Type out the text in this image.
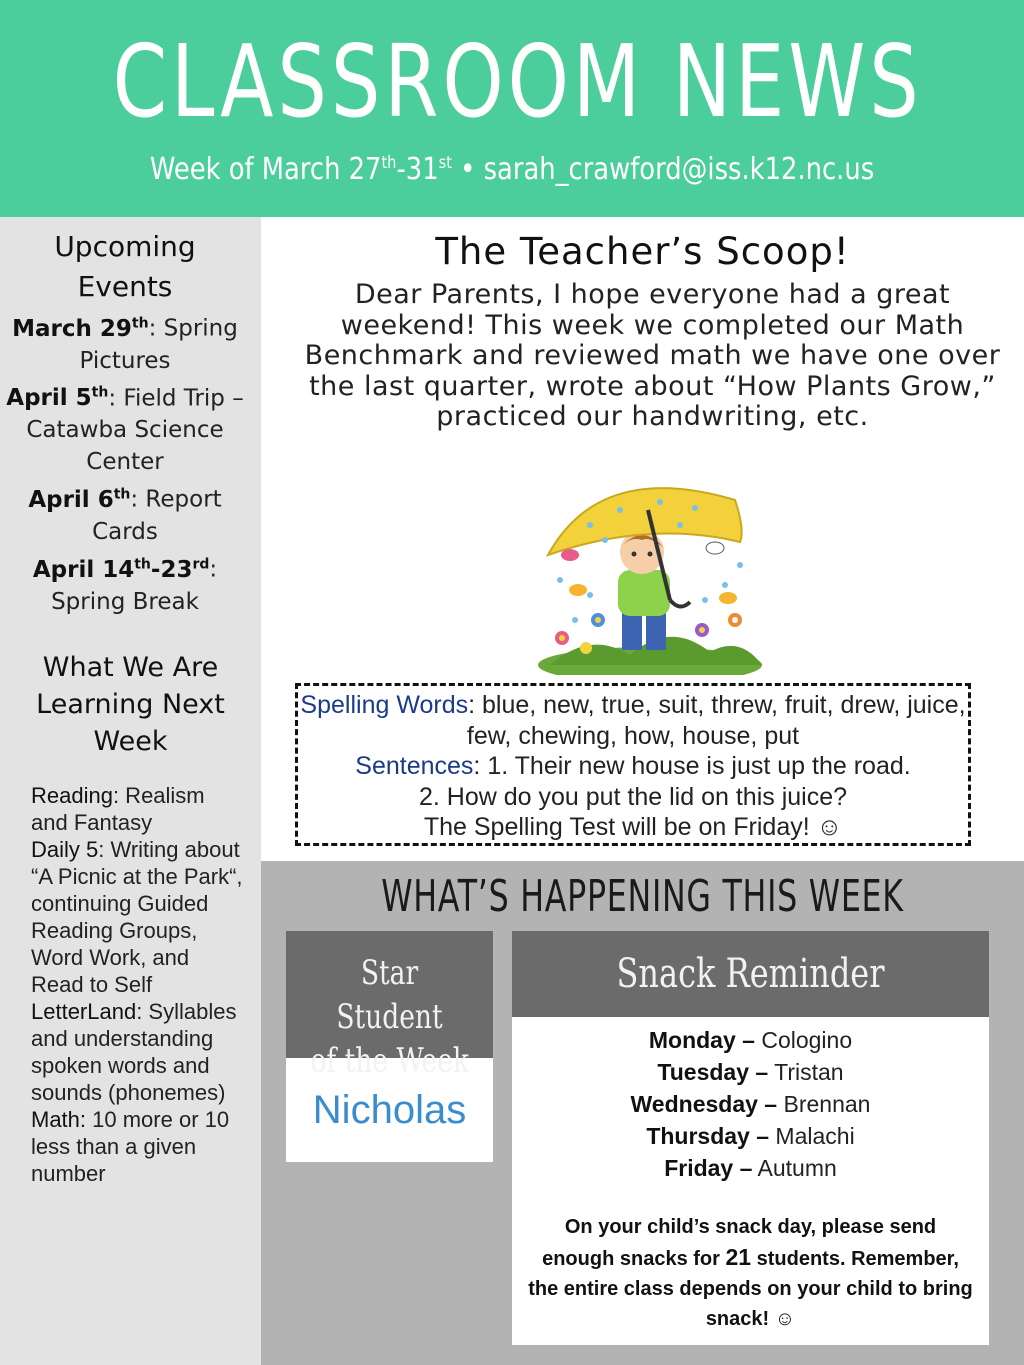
CLASSROOM NEWS
Week of March 27th-31st • sarah_crawford@iss.k12.nc.us
Upcoming
Events
March 29th: Spring Pictures
April 5th: Field Trip – Catawba Science Center
April 6th: Report Cards
April 14th-23rd: Spring Break
What We Are
Learning Next
Week
Reading: Realism and Fantasy
Daily 5: Writing about “A Picnic at the Park“, continuing Guided Reading Groups, Word Work, and Read to Self
LetterLand: Syllables and understanding spoken words and sounds (phonemes)
Math: 10 more or 10 less than a given number
The Teacher’s Scoop!
Dear Parents, I hope everyone had a great weekend! This week we completed our Math Benchmark and reviewed math we have one over the last quarter, wrote about “How Plants Grow,” practiced our handwriting, etc.
Spelling Words: blue, new, true, suit, threw, fruit, drew, juice, few, chewing, how, house, put
Sentences: 1. Their new house is just up the road.
2. How do you put the lid on this juice?
The Spelling Test will be on Friday! ☺
WHAT’S HAPPENING THIS WEEK
Star Student
of the Week
Nicholas
Snack Reminder
Monday – Cologino
Tuesday – Tristan
Wednesday – Brennan
Thursday – Malachi
Friday – Autumn
On your child’s snack day, please send enough snacks for 21 students. Remember, the entire class depends on your child to bring snack! ☺
